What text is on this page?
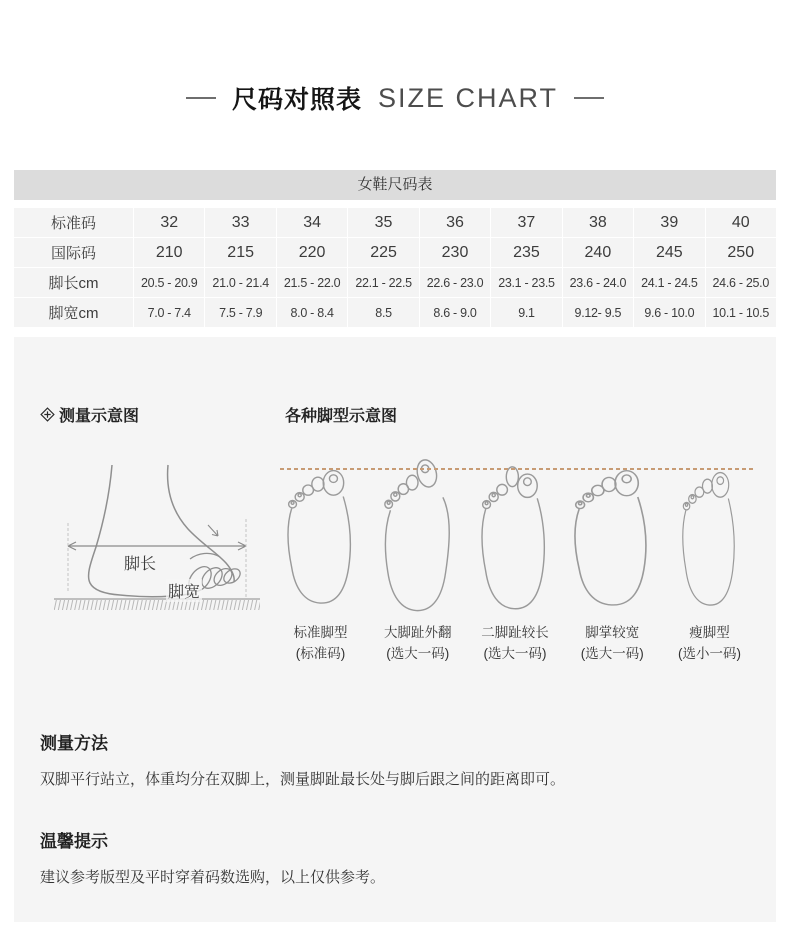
尺码对照表 SIZE CHART
女鞋尺码表
标准码	32	33	34	35	36	37	38	39	40
国际码	210	215	220	225	230	235	240	245	250
脚长cm	20.5 - 20.9	21.0 - 21.4	21.5 - 22.0	22.1 - 22.5	22.6 - 23.0	23.1 - 23.5	23.6 - 24.0	24.1 - 24.5	24.6 - 25.0
脚宽cm	7.0 - 7.4	7.5 - 7.9	8.0 - 8.4	8.5	8.6 - 9.0	9.1	9.12- 9.5	9.6 - 10.0	10.1 - 10.5
测量示意图	各种脚型示意图
脚长
脚宽
标准脚型
(标准码)
大脚趾外翻
(选大一码)
二脚趾较长
(选大一码)
脚掌较宽
(选大一码)
瘦脚型
(选小一码)
测量方法
双脚平行站立，体重均分在双脚上，测量脚趾最长处与脚后跟之间的距离即可。
温馨提示
建议参考版型及平时穿着码数选购，以上仅供参考。
